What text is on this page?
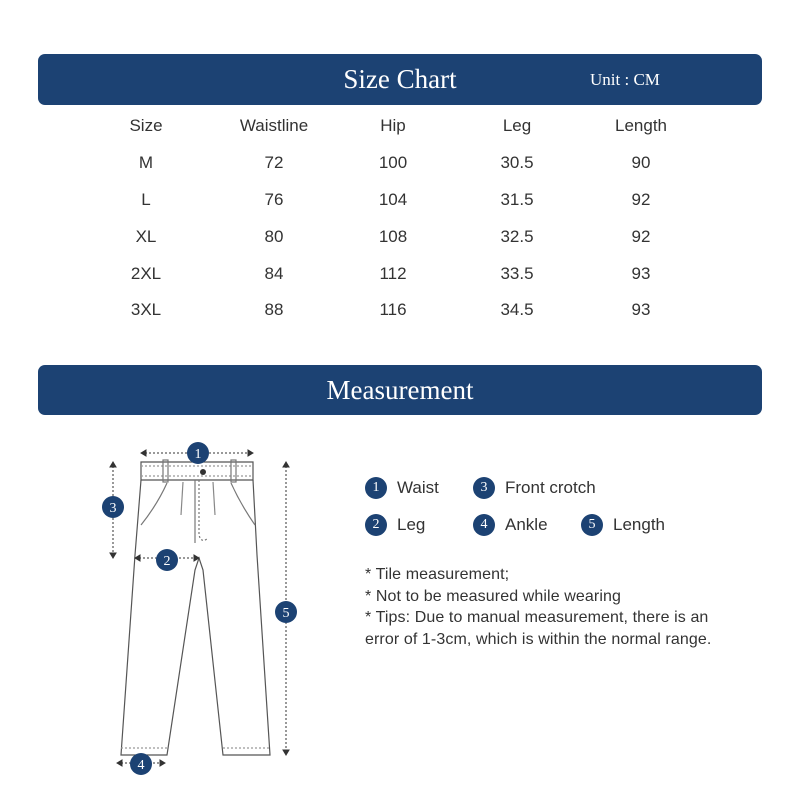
Size Chart	Unit : CM
Size	Waistline	Hip	Leg	Length
M	72	100	30.5	90
L	76	104	31.5	92
XL	80	108	32.5	92
2XL	84	112	33.5	93
3XL	88	116	34.5	93
Measurement
1
3
2
5
4
1	Waist	3	Front crotch
2	Leg	4	Ankle	5	Length
* Tile measurement;
* Not to be measured while wearing
* Tips: Due to manual measurement, there is an error of 1-3cm, which is within the normal range.
